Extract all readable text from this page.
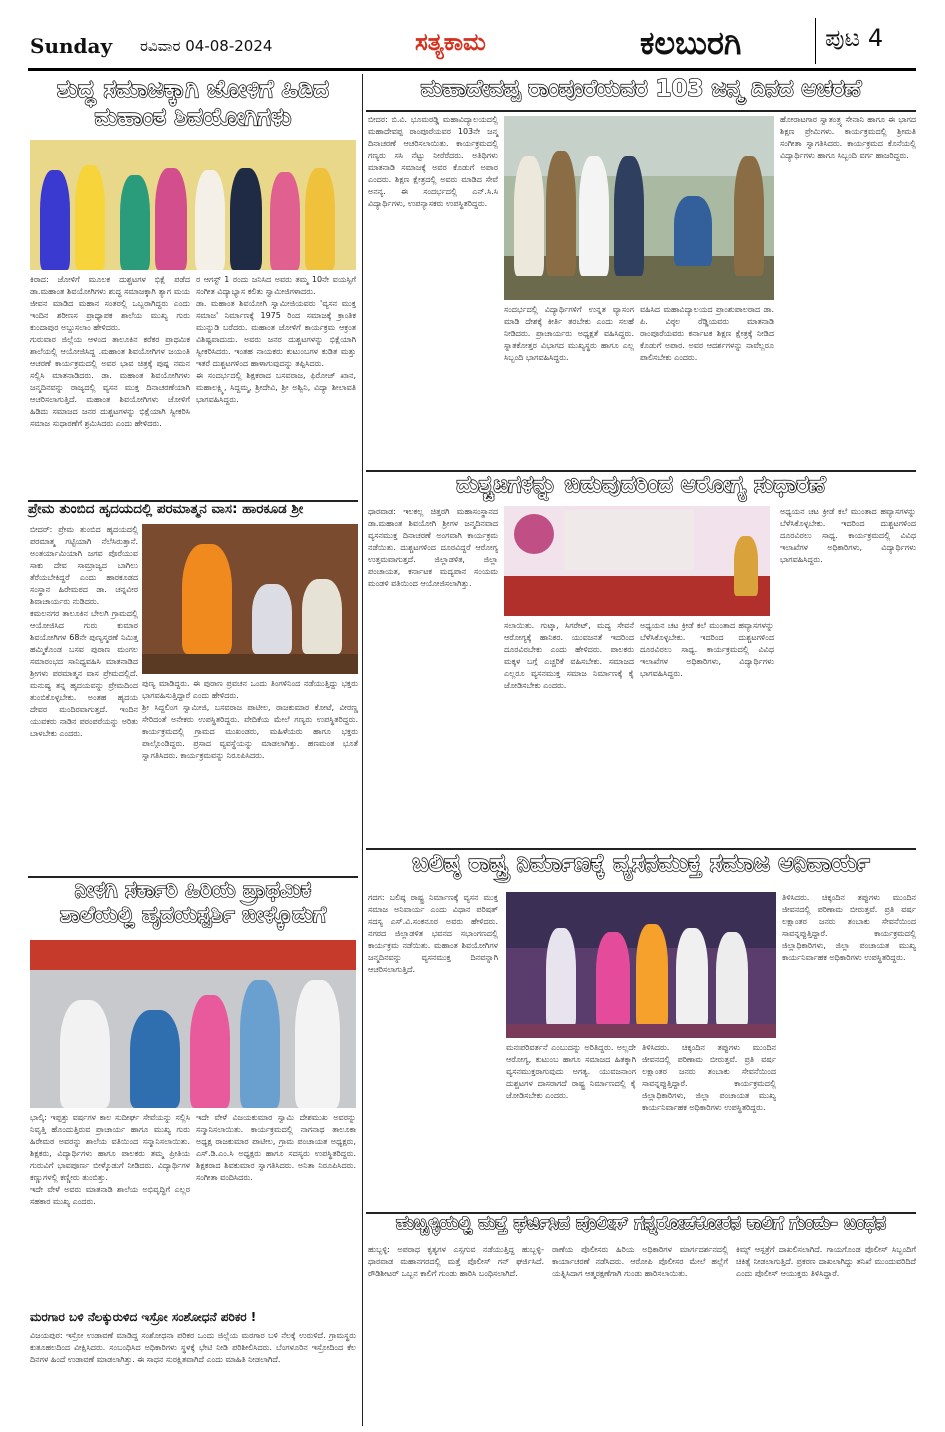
Sunday ರವಿವಾರ 04-08-2024	ಸತ್ಯಕಾಮ	ಕಲಬುರಗಿ	ಪುಟ 4
ಶುದ್ಧ ಸಮಾಜಕ್ಕಾಗಿ ಜೋಳಿಗೆ ಹಿಡಿದ
ಮಹಾಂತ ಶಿವಯೋಗಿಗಳು
ಕಿರಾದ: ಜೋಳಿಗೆ ಮೂಲಕ ದುಶ್ಚಟಗಳ ಭಿಕ್ಷೆ ಪಡೆದ ಡಾ.ಮಹಾಂತ ಶಿವಯೋಗಿಗಳು ಶುದ್ಧ ಸಮಾಜಕ್ಕಾಗಿ ತ್ಯಾಗ ಮಯ ಜೀವನ ಮಾಡಿದ ಮಹಾನ ಸಂತರಲ್ಲಿ ಒಬ್ಬರಾಗಿದ್ದರು ಎಂದು ಇಂದಿನ ಶರೀಣಸ ಪ್ರಾಧ್ಯಾಪಕ ಶಾಲೆಯ ಮುಖ್ಯ ಗುರು ಕುಂದಾಪುರ ಅಬ್ದುಸಲಾಂ ಹೇಳಿದರು.
ಗುರುವಾರ ಜಿಲ್ಲೆಯ ಆಳಂದ ತಾಲೂಕಿನ ಕರೆಕರ ಪ್ರಾಥಮಿಕ ಶಾಲೆಯಲ್ಲಿ ಆಯೋಜಿಸಿದ್ದ .ಮಹಾಂತ ಶಿವಯೋಗಿಗಳ ಜಯಂತಿ ಆಚರಣೆ ಕಾರ್ಯಕ್ರಮದಲ್ಲಿ ಅವರ ಭಾವ ಚಿತ್ರಕ್ಕೆ ಪುಷ್ಪ ನಮನ ಸಲ್ಲಿಸಿ ಮಾತನಾಡಿದರು. ಡಾ. ಮಹಾಂತ ಶಿವಯೋಗಿಗಳು ಜನ್ಮದಿನವನ್ನು ರಾಜ್ಯದಲ್ಲಿ ವ್ಯಸನ ಮುಕ್ತ ದಿನಾಚರಣೆಯಾಗಿ ಆಚರಿಸಲಾಗುತ್ತಿದೆ. ಮಹಾಂತ ಶಿವಯೋಗಿಗಳು ಜೋಳಿಗೆ ಹಿಡಿದು ಸಮಾಜದ ಜನರ ದುಶ್ಚಟಗಳನ್ನು ಭಿಕ್ಷೆಯಾಗಿ ಸ್ವೀಕರಿಸಿ ಸಮಾಜ ಸುಧಾರಣೆಗೆ ಶ್ರಮಿಸಿದರು ಎಂದು ಹೇಳಿದರು.
ರ ಆಗಸ್ಟ್ 1 ರಂದು ಜನಿಸಿದ ಅವರು ತಮ್ಮ 10ನೇ ವಯಸ್ಸಿಗೆ ಸಂಗೀತ ವಿದ್ಯಾಭ್ಯಾಸ ಕಲಿತು ಸ್ವಾಮೀಜಿಗಳಾದರು.
ಡಾ. ಮಹಾಂತ ಶಿವಯೋಗಿ ಸ್ವಾಮೀಜಿಯವರು 'ವ್ಯಸನ ಮುಕ್ತ ಸಮಾಜ' ನಿರ್ಮಾಣಕ್ಕೆ 1975 ರಿಂದ ಸಮಾಜಕ್ಕೆ ಕ್ರಾಂತಿಕ ಮುನ್ನುಡಿ ಬರೆದರು. ಮಹಾಂತ ಜೋಳಿಗೆ ಕಾರ್ಯಕ್ರಮ ಆಕ್ರಂತ ವಿಶಿಷ್ಟವಾದುದು. ಅವರು ಜನರ ದುಶ್ಚಟಗಳನ್ನು ಭಿಕ್ಷೆಯಾಗಿ ಸ್ವೀಕರಿಸಿದರು. ಇಂತಹ ನಾಯಕರು ಕುಟುಂಬಗಳ ಕುಡಿತ ಮತ್ತು ಇತರೆ ದುಶ್ಚಟಗಳಿಂದ ಹಾಳಾಗುವುದನ್ನು ತಪ್ಪಿಸಿದರು.
ಈ ಸಂದರ್ಭದಲ್ಲಿ ಶಿಕ್ಷಕರಾದ ಬಸವರಾಜ, ಫಿರೋಜ್ ಖಾನ, ಮಹಾಲಕ್ಷ್ಮಿ, ಸಿದ್ದಮ್ಮ, ಶ್ರೀದೇವಿ, ಶ್ರೀ ಅಶ್ವಿನಿ, ವಿದ್ಯಾ ಶೀಲಾವತಿ ಭಾಗವಹಿಸಿದ್ದರು.
ಪ್ರೇಮ ತುಂಬಿದ ಹೃದಯದಲ್ಲಿ ಪರಮಾತ್ಮನ ವಾಸ: ಹಾರಕೂಡ ಶ್ರೀ
ಬೀದರ್: ಪ್ರೇಮ ತುಂಬಿದ ಹೃದಯದಲ್ಲಿ ಪರಮಾತ್ಮ ಗಟ್ಟಿಯಾಗಿ ನೆಲೆಸಿರುತ್ತಾನೆ. ಅಂತರ್ಯಾಮಿಯಾಗಿ ಜಗವ ಪೊರೆಯುವ ಸಾಕು ದೇವ ಸಾಮ್ರಾಜ್ಯದ ಬಾಗಿಲು ತೆರೆಯಬೇಕಿದ್ದರೆ ಎಂದು ಹಾರಕೂಡದ ಸಂಸ್ಥಾನ ಹಿರೇಮಠದ ಡಾ. ಚನ್ನವೀರ ಶಿವಾಚಾರ್ಯರು ನುಡಿದರು.
ಕಮಲನಗರ ತಾಲೂಕಿನ ಬೇಲಗಿ ಗ್ರಾಮದಲ್ಲಿ ಆಯೋಜಿಸಿದ ಗುರು ಕುಮಾರ ಶಿವಯೋಗಿಗಳ 68ನೇ ಪುಣ್ಯಸ್ಮರಣೆ ನಿಮಿತ್ತ ಹಮ್ಮಿಕೊಂಡ ಬಸವ ಪುರಾಣ ಮಂಗಲ ಸಮಾರಂಭದ ಸಾನಿಧ್ಯವಹಿಸಿ ಮಾತನಾಡಿದ ಶ್ರೀಗಳು ಪರಮಾತ್ಮನ ವಾಸ ಪ್ರೇಮದಲ್ಲಿದೆ. ಮನುಷ್ಯ ತನ್ನ ಹೃದಯವನ್ನು ಪ್ರೇಮದಿಂದ ತುಂಬಿಕೊಳ್ಳಬೇಕು. ಅಂತಹ ಹೃದಯ ದೇವರ ಮಂದಿರವಾಗುತ್ತದೆ. ಇಂದಿನ ಯುವಕರು ನಾಡಿನ ಪರಂಪರೆಯನ್ನು ಅರಿತು ಬಾಳಬೇಕು ಎಂದರು.
ಪುಣ್ಯ ಮಾಡಿದ್ದರು. ಈ ಪುರಾಣ ಪ್ರವಚನ ಒಂದು ತಿಂಗಳಿನಿಂದ ನಡೆಯುತ್ತಿದ್ದು ಭಕ್ತರು ಭಾಗವಹಿಸುತ್ತಿದ್ದಾರೆ ಎಂದು ಹೇಳಿದರು.
ಶ್ರೀ ಸಿದ್ದಲಿಂಗ ಸ್ವಾಮೀಜಿ, ಬಸವರಾಜ ಪಾಟೀಲ, ರಾಜಕುಮಾರ ಕೋಟೆ, ವೀರಣ್ಣ ಸೇರಿದಂತೆ ಅನೇಕರು ಉಪಸ್ಥಿತರಿದ್ದರು. ವೇದಿಕೆಯ ಮೇಲೆ ಗಣ್ಯರು ಉಪಸ್ಥಿತರಿದ್ದರು. ಕಾರ್ಯಕ್ರಮದಲ್ಲಿ ಗ್ರಾಮದ ಮುಖಂಡರು, ಮಹಿಳೆಯರು ಹಾಗೂ ಭಕ್ತರು ಪಾಲ್ಗೊಂಡಿದ್ದರು. ಪ್ರಸಾದ ವ್ಯವಸ್ಥೆಯನ್ನು ಮಾಡಲಾಗಿತ್ತು. ಹಣಮಂತ ಭೂತೆ ಸ್ವಾಗತಿಸಿದರು. ಕಾರ್ಯಕ್ರಮವನ್ನು ನಿರೂಪಿಸಿದರು.
ನೀಳಗಿ ಸರ್ಕಾರಿ ಹಿರಿಯ ಪ್ರಾಥಮಿಕ
ಶಾಲೆಯಲ್ಲಿ ಹೃದಯಸ್ಪರ್ಶಿ ಬೀಳ್ಕೊಡುಗೆ
ಭಾಲ್ಕಿ: ಇಪ್ಪತ್ತು ವರ್ಷಗಳ ಕಾಲ ಸುದೀರ್ಘ ಸೇವೆಯನ್ನು ಸಲ್ಲಿಸಿ ನಿವೃತ್ತಿ ಹೊಂದುತ್ತಿರುವ ಪ್ರಾಚಾರ್ಯ ಹಾಗೂ ಮುಖ್ಯ ಗುರು ಹಿರೇಮಠ ಅವರನ್ನು ಶಾಲೆಯ ವತಿಯಿಂದ ಸನ್ಮಾನಿಸಲಾಯಿತು. ಶಿಕ್ಷಕರು, ವಿದ್ಯಾರ್ಥಿಗಳು ಹಾಗೂ ಪಾಲಕರು ತಮ್ಮ ಪ್ರೀತಿಯ ಗುರುವಿಗೆ ಭಾವಪೂರ್ಣ ಬೀಳ್ಕೊಡುಗೆ ನೀಡಿದರು. ವಿದ್ಯಾರ್ಥಿಗಳ ಕಣ್ಣುಗಳಲ್ಲಿ ಕಣ್ಣೀರು ತುಂಬಿತ್ತು.
ಇದೇ ವೇಳೆ ಅವರು ಮಾತನಾಡಿ ಶಾಲೆಯ ಅಭಿವೃದ್ಧಿಗೆ ಎಲ್ಲರ ಸಹಕಾರ ಮುಖ್ಯ ಎಂದರು.
ಇದೇ ವೇಳೆ ವಿಜಯಕುಮಾರ ಸ್ವಾಮಿ ದೇಶಮುಖ ಅವರನ್ನು ಸನ್ಮಾನಿಸಲಾಯಿತು. ಕಾರ್ಯಕ್ರಮದಲ್ಲಿ ನಾಗನಾಥ ತಾಲೂಕಾ ಅಧ್ಯಕ್ಷ ರಾಜಕುಮಾರ ಪಾಟೀಲ, ಗ್ರಾಮ ಪಂಚಾಯತ ಅಧ್ಯಕ್ಷರು, ಎಸ್.ಡಿ.ಎಂ.ಸಿ ಅಧ್ಯಕ್ಷರು ಹಾಗೂ ಸದಸ್ಯರು ಉಪಸ್ಥಿತರಿದ್ದರು. ಶಿಕ್ಷಕರಾದ ಶಿವಕುಮಾರ ಸ್ವಾಗತಿಸಿದರು. ಅನಿತಾ ನಿರೂಪಿಸಿದರು. ಸಂಗೀತಾ ವಂದಿಸಿದರು.
ಮರಗಾರ ಬಳಿ ನೆಲಕ್ಕುರುಳಿದ ಇಸ್ರೋ ಸಂಶೋಧನೆ ಪರಿಕರ !
ವಿಜಯಪುರ: ಇಸ್ರೋ ಉಡಾವಣೆ ಮಾಡಿದ್ದ ಸಂಶೋಧನಾ ಪರಿಕರ ಒಂದು ಜಿಲ್ಲೆಯ ಮರಗಾರ ಬಳಿ ನೆಲಕ್ಕೆ ಉರುಳಿದೆ. ಗ್ರಾಮಸ್ಥರು ಕುತೂಹಲದಿಂದ ವೀಕ್ಷಿಸಿದರು. ಸಂಬಂಧಿಸಿದ ಅಧಿಕಾರಿಗಳು ಸ್ಥಳಕ್ಕೆ ಭೇಟಿ ನೀಡಿ ಪರಿಶೀಲಿಸಿದರು. ಬೆಂಗಳೂರಿನ ಇಸ್ರೋದಿಂದ ಕೆಲ ದಿನಗಳ ಹಿಂದೆ ಉಡಾವಣೆ ಮಾಡಲಾಗಿತ್ತು. ಈ ಸಾಧನ ಸುರಕ್ಷಿತವಾಗಿದೆ ಎಂದು ಮಾಹಿತಿ ನೀಡಲಾಗಿದೆ.
ಮಹಾದೇವಪ್ಪ ರಾಂಪೂರೆಯವರ 103 ಜನ್ಮ ದಿನದ ಆಚರಣೆ
ಬೀದರ: ಬಿ.ವಿ. ಭೂಮರಡ್ಡಿ ಮಹಾವಿದ್ಯಾಲಯದಲ್ಲಿ ಮಹಾದೇವಪ್ಪ ರಾಂಪೂರೆಯವರ 103ನೇ ಜನ್ಮ ದಿನಾಚರಣೆ ಆಚರಿಸಲಾಯಿತು. ಕಾರ್ಯಕ್ರಮದಲ್ಲಿ ಗಣ್ಯರು ಸಸಿ ನೆಟ್ಟು ನೀರೆರೆದರು. ಅತಿಥಿಗಳು ಮಾತನಾಡಿ ಸಮಾಜಕ್ಕೆ ಅವರ ಕೊಡುಗೆ ಅಪಾರ ಎಂದರು. ಶಿಕ್ಷಣ ಕ್ಷೇತ್ರದಲ್ಲಿ ಅವರು ಮಾಡಿದ ಸೇವೆ ಅನನ್ಯ. ಈ ಸಂದರ್ಭದಲ್ಲಿ ಎನ್.ಸಿ.ಸಿ ವಿದ್ಯಾರ್ಥಿಗಳು, ಉಪನ್ಯಾಸಕರು ಉಪಸ್ಥಿತರಿದ್ದರು.
ಸಂದರ್ಭದಲ್ಲಿ ವಿದ್ಯಾರ್ಥಿಗಳಿಗೆ ಉನ್ನತ ವ್ಯಾಸಂಗ ಮಾಡಿ ದೇಶಕ್ಕೆ ಕೀರ್ತಿ ತರಬೇಕು ಎಂದು ಸಲಹೆ ನೀಡಿದರು. ಪ್ರಾಚಾರ್ಯರು ಅಧ್ಯಕ್ಷತೆ ವಹಿಸಿದ್ದರು. ಸ್ನಾತಕೋತ್ತರ ವಿಭಾಗದ ಮುಖ್ಯಸ್ಥರು ಹಾಗೂ ಎಲ್ಲ ಸಿಬ್ಬಂದಿ ಭಾಗವಹಿಸಿದ್ದರು.
ವಹಿಸಿದ ಮಹಾವಿದ್ಯಾಲಯದ ಪ್ರಾಂಶುಪಾಲರಾದ ಡಾ. ಪಿ. ವಿಠ್ಠಲ ರೆಡ್ಡಿಯವರು ಮಾತನಾಡಿ ರಾಂಪೂರೆಯವರು ಕರ್ನಾಟಕ ಶಿಕ್ಷಣ ಕ್ಷೇತ್ರಕ್ಕೆ ನೀಡಿದ ಕೊಡುಗೆ ಅಪಾರ. ಅವರ ಆದರ್ಶಗಳನ್ನು ನಾವೆಲ್ಲರೂ ಪಾಲಿಸಬೇಕು ಎಂದರು.
ಹೋರಾಟಗಾರ ಸ್ವಾತಂತ್ರ್ಯ ಸೇನಾನಿ ಹಾಗೂ ಈ ಭಾಗದ ಶಿಕ್ಷಣ ಪ್ರೇಮಿಗಳು. ಕಾರ್ಯಕ್ರಮದಲ್ಲಿ ಶ್ರೀಮತಿ ಸಂಗೀತಾ ಸ್ವಾಗತಿಸಿದರು. ಕಾರ್ಯಕ್ರಮದ ಕೊನೆಯಲ್ಲಿ ವಿದ್ಯಾರ್ಥಿಗಳು ಹಾಗೂ ಸಿಬ್ಬಂದಿ ವರ್ಗ ಹಾಜರಿದ್ದರು.
ದುಶ್ಚಟಗಳನ್ನು ಬಿಡುವುದರಿಂದ ಆರೋಗ್ಯ ಸುಧಾರಣೆ
ಧಾರವಾಡ: ಇಲಕಲ್ಲ ಚಿತ್ತರಗಿ ಮಹಾಸಂಸ್ಥಾನದ ಡಾ.ಮಹಾಂತ ಶಿವಯೋಗಿ ಶ್ರೀಗಳ ಜನ್ಮದಿನವಾದ ವ್ಯಸನಮುಕ್ತ ದಿನಾಚರಣೆ ಅಂಗವಾಗಿ ಕಾರ್ಯಕ್ರಮ ನಡೆಯಿತು. ದುಶ್ಚಟಗಳಿಂದ ದೂರವಿದ್ದರೆ ಆರೋಗ್ಯ ಉತ್ತಮವಾಗುತ್ತದೆ. ಜಿಲ್ಲಾಡಳಿತ, ಜಿಲ್ಲಾ ಪಂಚಾಯತ, ಕರ್ನಾಟಕ ಮದ್ಯಪಾನ ಸಂಯಮ ಮಂಡಳಿ ವತಿಯಿಂದ ಆಯೋಜಿಸಲಾಗಿತ್ತು.
ಸಲಾಯಿತು. ಗುಟ್ಕಾ, ಸಿಗರೇಟ್, ಮದ್ಯ ಸೇವನೆ ಆರೋಗ್ಯಕ್ಕೆ ಹಾನಿಕರ. ಯುವಜನತೆ ಇದರಿಂದ ದೂರವಿರಬೇಕು ಎಂದು ಹೇಳಿದರು. ಪಾಲಕರು ಮಕ್ಕಳ ಬಗ್ಗೆ ಎಚ್ಚರಿಕೆ ವಹಿಸಬೇಕು. ಸಮಾಜದ ಎಲ್ಲರೂ ವ್ಯಸನಮುಕ್ತ ಸಮಾಜ ನಿರ್ಮಾಣಕ್ಕೆ ಕೈ ಜೋಡಿಸಬೇಕು ಎಂದರು.
ಅಧ್ಯಯನ ಚಟ ಕ್ರೀಡೆ ಕಲೆ ಮುಂತಾದ ಹವ್ಯಾಸಗಳನ್ನು ಬೆಳೆಸಿಕೊಳ್ಳಬೇಕು. ಇದರಿಂದ ದುಶ್ಚಟಗಳಿಂದ ದೂರವಿರಲು ಸಾಧ್ಯ. ಕಾರ್ಯಕ್ರಮದಲ್ಲಿ ವಿವಿಧ ಇಲಾಖೆಗಳ ಅಧಿಕಾರಿಗಳು, ವಿದ್ಯಾರ್ಥಿಗಳು ಭಾಗವಹಿಸಿದ್ದರು.
ಅಧ್ಯಯನ ಚಟ ಕ್ರೀಡೆ ಕಲೆ ಮುಂತಾದ ಹವ್ಯಾಸಗಳನ್ನು ಬೆಳೆಸಿಕೊಳ್ಳಬೇಕು. ಇದರಿಂದ ದುಶ್ಚಟಗಳಿಂದ ದೂರವಿರಲು ಸಾಧ್ಯ. ಕಾರ್ಯಕ್ರಮದಲ್ಲಿ ವಿವಿಧ ಇಲಾಖೆಗಳ ಅಧಿಕಾರಿಗಳು, ವಿದ್ಯಾರ್ಥಿಗಳು ಭಾಗವಹಿಸಿದ್ದರು.
ಬಲಿಷ್ಠ ರಾಷ್ಟ್ರ ನಿರ್ಮಾಣಕ್ಕೆ ವ್ಯಸನಮುಕ್ತ ಸಮಾಜ ಅನಿವಾರ್ಯ
ಗದಗ: ಬಲಿಷ್ಠ ರಾಷ್ಟ್ರ ನಿರ್ಮಾಣಕ್ಕೆ ವ್ಯಸನ ಮುಕ್ತ ಸಮಾಜ ಅನಿವಾರ್ಯ ಎಂದು ವಿಧಾನ ಪರಿಷತ್ ಸದಸ್ಯ ಎಸ್.ವಿ.ಸಂಕನೂರ ಅವರು ಹೇಳಿದರು. ನಗರದ ಜಿಲ್ಲಾಡಳಿತ ಭವನದ ಸಭಾಂಗಣದಲ್ಲಿ ಕಾರ್ಯಕ್ರಮ ನಡೆಯಿತು. ಮಹಾಂತ ಶಿವಯೋಗಿಗಳ ಜನ್ಮದಿನವನ್ನು ವ್ಯಸನಮುಕ್ತ ದಿನವನ್ನಾಗಿ ಆಚರಿಸಲಾಗುತ್ತಿದೆ.
ಮನಃಪರಿವರ್ತನೆ ಎಂಬುದನ್ನು ಅರಿತಿದ್ದರು. ಅಲ್ಲದೇ ಆರೋಗ್ಯ, ಕುಟುಂಬ ಹಾಗೂ ಸಮಾಜದ ಹಿತಕ್ಕಾಗಿ ವ್ಯಸನಮುಕ್ತರಾಗುವುದು ಅಗತ್ಯ. ಯುವಜನಾಂಗ ದುಶ್ಚಟಗಳ ದಾಸರಾಗದೆ ರಾಷ್ಟ್ರ ನಿರ್ಮಾಣದಲ್ಲಿ ಕೈ ಜೋಡಿಸಬೇಕು ಎಂದರು.
ತಿಳಿಸಿದರು. ಚಿಕ್ಕಂದಿನ ತಪ್ಪುಗಳು ಮುಂದಿನ ಜೀವನದಲ್ಲಿ ಪರಿಣಾಮ ಬೀರುತ್ತವೆ. ಪ್ರತಿ ವರ್ಷ ಲಕ್ಷಾಂತರ ಜನರು ತಂಬಾಕು ಸೇವನೆಯಿಂದ ಸಾವನ್ನಪ್ಪುತ್ತಿದ್ದಾರೆ. ಕಾರ್ಯಕ್ರಮದಲ್ಲಿ ಜಿಲ್ಲಾಧಿಕಾರಿಗಳು, ಜಿಲ್ಲಾ ಪಂಚಾಯತ ಮುಖ್ಯ ಕಾರ್ಯನಿರ್ವಾಹಕ ಅಧಿಕಾರಿಗಳು ಉಪಸ್ಥಿತರಿದ್ದರು.
ತಿಳಿಸಿದರು. ಚಿಕ್ಕಂದಿನ ತಪ್ಪುಗಳು ಮುಂದಿನ ಜೀವನದಲ್ಲಿ ಪರಿಣಾಮ ಬೀರುತ್ತವೆ. ಪ್ರತಿ ವರ್ಷ ಲಕ್ಷಾಂತರ ಜನರು ತಂಬಾಕು ಸೇವನೆಯಿಂದ ಸಾವನ್ನಪ್ಪುತ್ತಿದ್ದಾರೆ. ಕಾರ್ಯಕ್ರಮದಲ್ಲಿ ಜಿಲ್ಲಾಧಿಕಾರಿಗಳು, ಜಿಲ್ಲಾ ಪಂಚಾಯತ ಮುಖ್ಯ ಕಾರ್ಯನಿರ್ವಾಹಕ ಅಧಿಕಾರಿಗಳು ಉಪಸ್ಥಿತರಿದ್ದರು.
ಹುಬ್ಬಳ್ಳಿಯಲ್ಲಿ ಮತ್ತೆ ಘರ್ಜಿಸಿದ ಪೊಲೀಸ್ ಗನ್ನರೋಡೆಕೋರನ ಕಾಲಿಗೆ ಗುಂಡು- ಬಂಧನ
ಹುಬ್ಬಳ್ಳಿ: ಅಪರಾಧ ಕೃತ್ಯಗಳ ಎಸ್ಸಗುವ ನಡೆಯುತ್ತಿದ್ದ ಹುಬ್ಬಳ್ಳಿ-ಧಾರವಾಡ ಮಹಾನಗರದಲ್ಲಿ ಮತ್ತೆ ಪೊಲೀಸ್ ಗನ್ ಘರ್ಜಿಸಿದೆ. ರೌಡಿಶೀಟರ್ ಒಬ್ಬನ ಕಾಲಿಗೆ ಗುಂಡು ಹಾರಿಸಿ ಬಂಧಿಸಲಾಗಿದೆ.
ರಾಣೆಯ ಪೊಲೀಸರು ಹಿರಿಯ ಅಧಿಕಾರಿಗಳ ಮಾರ್ಗದರ್ಶನದಲ್ಲಿ ಕಾರ್ಯಾಚರಣೆ ನಡೆಸಿದರು. ಆರೋಪಿ ಪೊಲೀಸರ ಮೇಲೆ ಹಲ್ಲೆಗೆ ಯತ್ನಿಸಿದಾಗ ಆತ್ಮರಕ್ಷಣೆಗಾಗಿ ಗುಂಡು ಹಾರಿಸಲಾಯಿತು.
ಕಿಮ್ಸ್ ಆಸ್ಪತ್ರೆಗೆ ದಾಖಲಿಸಲಾಗಿದೆ. ಗಾಯಗೊಂಡ ಪೊಲೀಸ್ ಸಿಬ್ಬಂದಿಗೆ ಚಿಕಿತ್ಸೆ ನೀಡಲಾಗುತ್ತಿದೆ. ಪ್ರಕರಣ ದಾಖಲಾಗಿದ್ದು ತನಿಖೆ ಮುಂದುವರಿದಿದೆ ಎಂದು ಪೊಲೀಸ್ ಆಯುಕ್ತರು ತಿಳಿಸಿದ್ದಾರೆ.
